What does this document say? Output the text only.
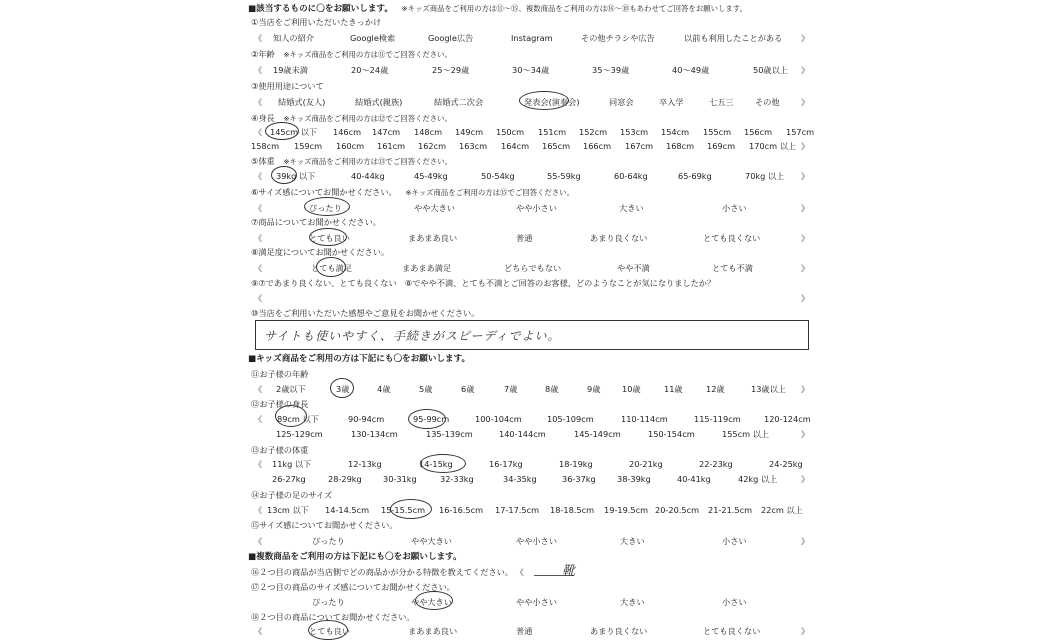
■該当するものに〇をお願いします。 ※キッズ商品をご利用の方は⑪〜⑮、複数商品をご利用の方は⑯〜⑱もあわせてご回答をお願いします。
①当店をご利用いただいたきっかけ
《 知人の紹介	Google検索	Google広告	Instagram	その他チラシや広告	以前も利用したことがある 》
②年齢 ※キッズ商品をご利用の方は⑪でご回答ください。
《 19歳未満	20〜24歳	25〜29歳	30〜34歳	35〜39歳	40〜49歳	50歳以上 》
③使用用途について
《 結婚式(友人)	結婚式(親族)	結婚式二次会	発表会(演奏会)	同窓会	卒入学	七五三	その他	》
④身長 ※キッズ商品をご利用の方は⑫でご回答ください。
《 145cm 以下 146cm 147cm 148cm 149cm 150cm 151cm 152cm 153cm 154cm 155cm 156cm 157cm
158cm 159cm 160cm 161cm 162cm 163cm 164cm 165cm 166cm 167cm 168cm 169cm 170cm 以上 》
⑤体重 ※キッズ商品をご利用の方は⑬でご回答ください。
《 39kg 以下	40-44kg	45-49kg	50-54kg	55-59kg	60-64kg	65-69kg	70kg 以上 》
⑥サイズ感についてお聞かせください。 ※キッズ商品をご利用の方は⑮でご回答ください。
《	ぴったり	やや大きい	やや小さい	大きい	小さい	》
⑦商品についてお聞かせください。
《	とても良い	まあまあ良い	普通	あまり良くない	とても良くない	》
⑧満足度についてお聞かせください。
《	とても満足	まあまあ満足	どちらでもない	やや不満	とても不満	》
⑨⑦であまり良くない、とても良くない　⑧でやや不満、とても不満とご回答のお客様、どのようなことが気になりましたか？
《	》
⑩当店をご利用いただいた感想やご意見をお聞かせください。
サイトも使いやすく、手続きがスピーディでよい。
■キッズ商品をご利用の方は下記にも〇をお願いします。
⑪お子様の年齢
《 2歳以下	3歳	4歳	5歳	6歳	7歳	8歳	9歳	10歳	11歳	12歳	13歳以上 》
⑫お子様の身長
《 89cm 以下	90-94cm	95-99cm	100-104cm	105-109cm	110-114cm	115-119cm	120-124cm
125-129cm	130-134cm	135-139cm	140-144cm	145-149cm	150-154cm	155cm 以上	》
⑬お子様の体重
《 11kg 以下	12-13kg	14-15kg	16-17kg	18-19kg	20-21kg	22-23kg	24-25kg
26-27kg	28-29kg	30-31kg	32-33kg	34-35kg	36-37kg	38-39kg	40-41kg	42kg 以上	》
⑭お子様の足のサイズ
《 13cm 以下 14-14.5cm 15-15.5cm 16-16.5cm 17-17.5cm 18-18.5cm 19-19.5cm 20-20.5cm 21-21.5cm 22cm 以上
⑮サイズ感についてお聞かせください。
《	ぴったり	やや大きい	やや小さい	大きい	小さい	》
■複数商品をご利用の方は下記にも〇をお願いします。
⑯２つ目の商品が当店側でどの商品かが分かる特徴を教えてください。 《	靴
⑰２つ目の商品のサイズ感についてお聞かせください。
ぴったり	やや大きい	やや小さい	大きい	小さい
⑱２つ目の商品についてお聞かせください。
《	とても良い	まあまあ良い	普通	あまり良くない	とても良くない	》
